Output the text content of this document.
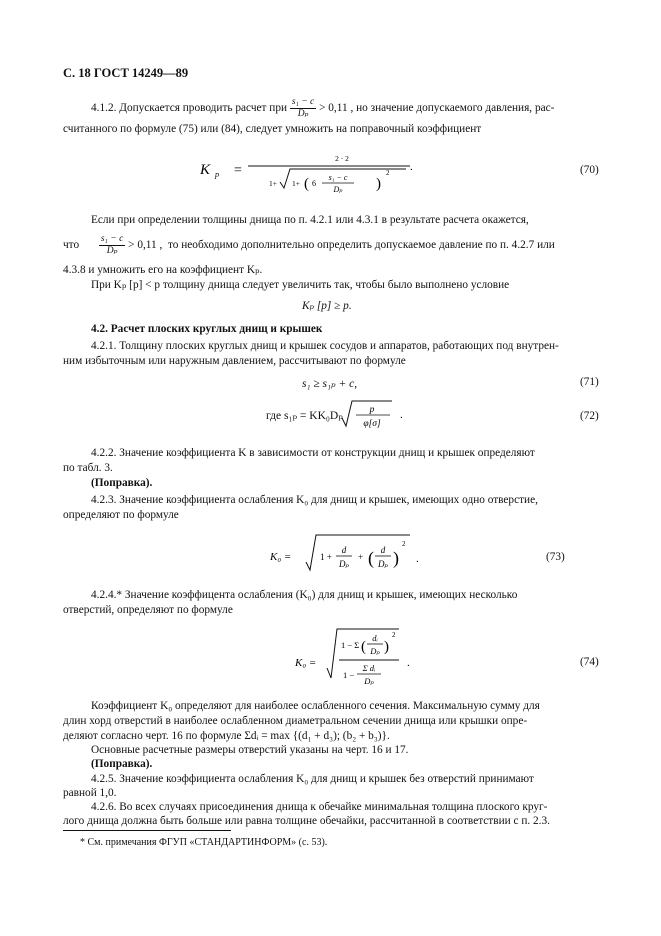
С. 18 ГОСТ 14249—89
4.1.2. Допускается проводить расчет при $\frac{\text{s₁ − c}}{\text{Dₚ}} > 0,11$ , но значение допускаемого давления, рас-
считанного по формуле (75) или (84), следует умножить на поправочный коэффициент
K p =
2 · 2
1+ 1+ ( 6
s₁ − c
Dₚ )
2 .	(70)
Если при определении толщины днища по п. 4.2.1 или 4.3.1 в результате расчета окажется,
что $\frac{\text{s₁ − c}}{\text{Dₚ}} > 0,11$ , то необходимо дополнительно определить допускаемое давление по п. 4.2.7 или
4.3.8 и умножить его на коэффициент Kₚ.
При Kₚ [p] < p толщину днища следует увеличить так, чтобы было выполнено условие
Kₚ [p] ≥ p.
4.2. Расчет плоских круглых днищ и крышек
4.2.1. Толщину плоских круглых днищ и крышек сосудов и аппаратов, работающих под внутрен-
ним избыточным или наружным давлением, рассчитывают по формуле
s₁ ≥ s₁ₚ + c,	(71)
где s₁ₚ = KK₀Dₚ	p
φ[σ]
.	(72)
4.2.2. Значение коэффициента K в зависимости от конструкции днищ и крышек определяют
по табл. 3.
(Поправка).
4.2.3. Значение коэффициента ослабления K₀ для днищ и крышек, имеющих одно отверстие,
определяют по формуле
K₀ =	1 +
d
Dₚ
+ ( d
Dₚ )
2
.	(73)
4.2.4.* Значение коэффицента ослабления (K₀) для днищ и крышек, имеющих несколько
отверстий, определяют по формуле
K₀ =
1 − Σ (
dᵢ
Dₚ )
2
1 −
Σ dᵢ
Dₚ
.	(74)
Коэффициент K₀ определяют для наиболее ослабленного сечения. Максимальную сумму для
длин хорд отверстий в наиболее ослабленном диаметральном сечении днища или крышки опре-
деляют согласно черт. 16 по формуле Σdᵢ = max {(d₁ + d₃); (b₂ + b₃)}.
Основные расчетные размеры отверстий указаны на черт. 16 и 17.
(Поправка).
4.2.5. Значение коэффициента ослабления K₀ для днищ и крышек без отверстий принимают
равной 1,0.
4.2.6. Во всех случаях присоединения днища к обечайке минимальная толщина плоского круг-
лого днища должна быть больше или равна толщине обечайки, рассчитанной в соответствии с п. 2.3.
* См. примечания ФГУП «СТАНДАРТИНФОРМ» (с. 53).
